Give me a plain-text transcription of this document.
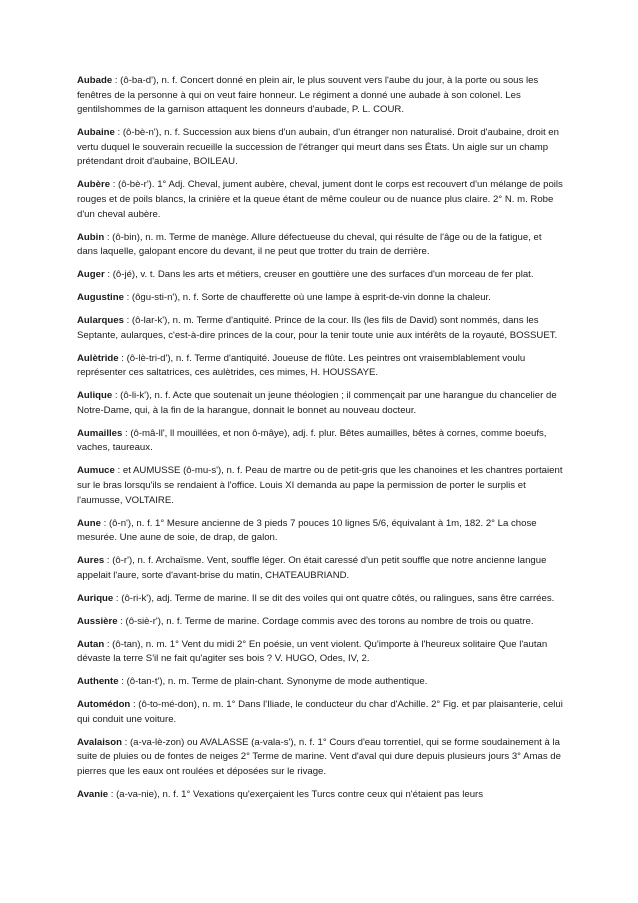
Aubade : (ô-ba-d'), n. f. Concert donné en plein air, le plus souvent vers l'aube du jour, à la porte ou sous les fenêtres de la personne à qui on veut faire honneur. Le régiment a donné une aubade à son colonel. Les gentilshommes de la garnison attaquent les donneurs d'aubade, P. L. COUR.

Aubaine : (ô-bè-n'), n. f. Succession aux biens d'un aubain, d'un étranger non naturalisé. Droit d'aubaine, droit en vertu duquel le souverain recueille la succession de l'étranger qui meurt dans ses États. Un aigle sur un champ prétendant droit d'aubaine, BOILEAU.

Aubère : (ô-bè-r'). 1° Adj. Cheval, jument aubère, cheval, jument dont le corps est recouvert d'un mélange de poils rouges et de poils blancs, la crinière et la queue étant de même couleur ou de nuance plus claire. 2° N. m. Robe d'un cheval aubère.

Aubin : (ô-bin), n. m. Terme de manège. Allure défectueuse du cheval, qui résulte de l'âge ou de la fatigue, et dans laquelle, galopant encore du devant, il ne peut que trotter du train de derrière.

Auger : (ô-jé), v. t. Dans les arts et métiers, creuser en gouttière une des surfaces d'un morceau de fer plat.

Augustine : (ôgu-sti-n'), n. f. Sorte de chaufferette où une lampe à esprit-de-vin donne la chaleur.

Aularques : (ô-lar-k'), n. m. Terme d'antiquité. Prince de la cour. Ils (les fils de David) sont nommés, dans les Septante, aularques, c'est-à-dire princes de la cour, pour la tenir toute unie aux intérêts de la royauté, BOSSUET.

Aulètride : (ô-lè-tri-d'), n. f. Terme d'antiquité. Joueuse de flûte. Les peintres ont vraisemblablement voulu représenter ces saltatrices, ces aulètrides, ces mimes, H. HOUSSAYE.

Aulique : (ô-li-k'), n. f. Acte que soutenait un jeune théologien ; il commençait par une harangue du chancelier de Notre-Dame, qui, à la fin de la harangue, donnait le bonnet au nouveau docteur.

Aumailles : (ô-mâ-ll', ll mouillées, et non ô-mâye), adj. f. plur. Bêtes aumailles, bêtes à cornes, comme boeufs, vaches, taureaux.

Aumuce : et AUMUSSE (ô-mu-s'), n. f. Peau de martre ou de petit-gris que les chanoines et les chantres portaient sur le bras lorsqu'ils se rendaient à l'office. Louis XI demanda au pape la permission de porter le surplis et l'aumusse, VOLTAIRE.

Aune : (ô-n'), n. f. 1° Mesure ancienne de 3 pieds 7 pouces 10 lignes 5/6, équivalant à 1m, 182. 2° La chose mesurée. Une aune de soie, de drap, de galon.

Aures : (ô-r'), n. f. Archaïsme. Vent, souffle léger. On était caressé d'un petit souffle que notre ancienne langue appelait l'aure, sorte d'avant-brise du matin, CHATEAUBRIAND.

Aurique : (ô-ri-k'), adj. Terme de marine. Il se dit des voiles qui ont quatre côtés, ou ralingues, sans être carrées.

Aussière : (ô-siè-r'), n. f. Terme de marine. Cordage commis avec des torons au nombre de trois ou quatre.

Autan : (ô-tan), n. m. 1° Vent du midi 2° En poésie, un vent violent. Qu'importe à l'heureux solitaire Que l'autan dévaste la terre S'il ne fait qu'agiter ses bois ? V. HUGO, Odes, IV, 2.

Authente : (ô-tan-t'), n. m. Terme de plain-chant. Synonyme de mode authentique.

Automédon : (ô-to-mé-don), n. m. 1° Dans l'Iliade, le conducteur du char d'Achille. 2° Fig. et par plaisanterie, celui qui conduit une voiture.

Avalaison : (a-va-lè-zon) ou AVALASSE (a-vala-s'), n. f. 1° Cours d'eau torrentiel, qui se forme soudainement à la suite de pluies ou de fontes de neiges 2° Terme de marine. Vent d'aval qui dure depuis plusieurs jours 3° Amas de pierres que les eaux ont roulées et déposées sur le rivage.

Avanie : (a-va-nie), n. f. 1° Vexations qu'exerçaient les Turcs contre ceux qui n'étaient pas leurs
